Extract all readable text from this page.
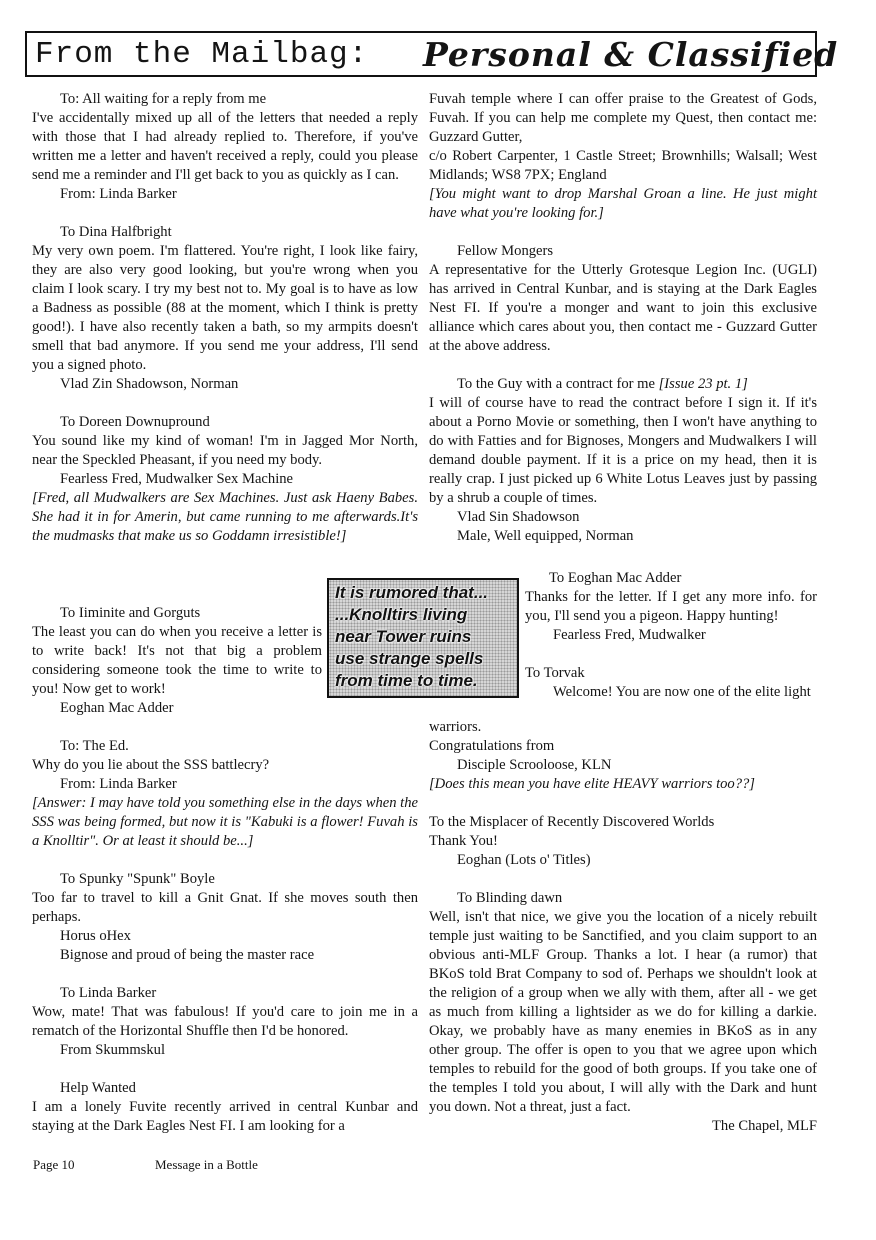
From the Mailbag: Personal & Classified

To: All waiting for a reply from me

I've accidentally mixed up all of the letters that needed a reply with those that I had already replied to. Therefore, if you've written me a letter and haven't received a reply, could you please send me a reminder and I'll get back to you as quickly as I can.

From: Linda Barker

To Dina Halfbright

My very own poem. I'm flattered. You're right, I look like fairy, they are also very good looking, but you're wrong when you claim I look scary. I try my best not to. My goal is to have as low a Badness as possible (88 at the moment, which I think is pretty good!). I have also recently taken a bath, so my armpits doesn't smell that bad anymore. If you send me your address, I'll send you a signed photo.

Vlad Zin Shadowson, Norman

To Doreen Downupround

You sound like my kind of woman! I'm in Jagged Mor North, near the Speckled Pheasant, if you need my body.

Fearless Fred, Mudwalker Sex Machine

[Fred, all Mudwalkers are Sex Machines. Just ask Haeny Babes. She had it in for Amerin, but came running to me afterwards.It's the mudmasks that make us so Goddamn irresistible!]

To Iiminite and Gorguts

The least you can do when you receive a letter is to write back! It's not that big a problem considering someone took the time to write to you! Now get to work!

Eoghan Mac Adder

To: The Ed.

Why do you lie about the SSS battlecry?

From: Linda Barker

[Answer: I may have told you something else in the days when the SSS was being formed, but now it is "Kabuki is a flower! Fuvah is a Knolltir". Or at least it should be...]

To Spunky "Spunk" Boyle

Too far to travel to kill a Gnit Gnat. If she moves south then perhaps.

Horus oHex

Bignose and proud of being the master race

To Linda Barker

Wow, mate! That was fabulous! If you'd care to join me in a rematch of the Horizontal Shuffle then I'd be honored.

From Skummskul

Help Wanted

I am a lonely Fuvite recently arrived in central Kunbar and staying at the Dark Eagles Nest FI. I am looking for a

Fuvah temple where I can offer praise to the Greatest of Gods, Fuvah. If you can help me complete my Quest, then contact me: Guzzard Gutter,

c/o Robert Carpenter, 1 Castle Street; Brownhills; Walsall; West Midlands; WS8 7PX; England

[You might want to drop Marshal Groan a line. He just might have what you're looking for.]

Fellow Mongers

A representative for the Utterly Grotesque Legion Inc. (UGLI) has arrived in Central Kunbar, and is staying at the Dark Eagles Nest FI. If you're a monger and want to join this exclusive alliance which cares about you, then contact me - Guzzard Gutter at the above address.

To the Guy with a contract for me [Issue 23 pt. 1]

I will of course have to read the contract before I sign it. If it's about a Porno Movie or something, then I won't have anything to do with Fatties and for Bignoses, Mongers and Mudwalkers I will demand double payment. If it is a price on my head, then it is really crap. I just picked up 6 White Lotus Leaves just by passing by a shrub a couple of times.

Vlad Sin Shadowson

Male, Well equipped, Norman

To Eoghan Mac Adder

Thanks for the letter. If I get any more info. for you, I'll send you a pigeon. Happy hunting!

Fearless Fred, Mudwalker

To Torvak

Welcome! You are now one of the elite light

warriors.

Congratulations from

Disciple Scrooloose, KLN

[Does this mean you have elite HEAVY warriors too??]

To the Misplacer of Recently Discovered Worlds

Thank You!

Eoghan (Lots o' Titles)

To Blinding dawn

Well, isn't that nice, we give you the location of a nicely rebuilt temple just waiting to be Sanctified, and you claim support to an obvious anti-MLF Group. Thanks a lot. I hear (a rumor) that BKoS told Brat Company to sod of. Perhaps we shouldn't look at the religion of a group when we ally with them, after all - we get as much from killing a lightsider as we do for killing a darkie. Okay, we probably have as many enemies in BKoS as in any other group. The offer is open to you that we agree upon which temples to rebuild for the good of both groups. If you take one of the temples I told you about, I will ally with the Dark and hunt you down. Not a threat, just a fact.

The Chapel, MLF

It is rumored that...
...Knolltirs living
near Tower ruins
use strange spells
from time to time.
Page 10	Message in a Bottle
